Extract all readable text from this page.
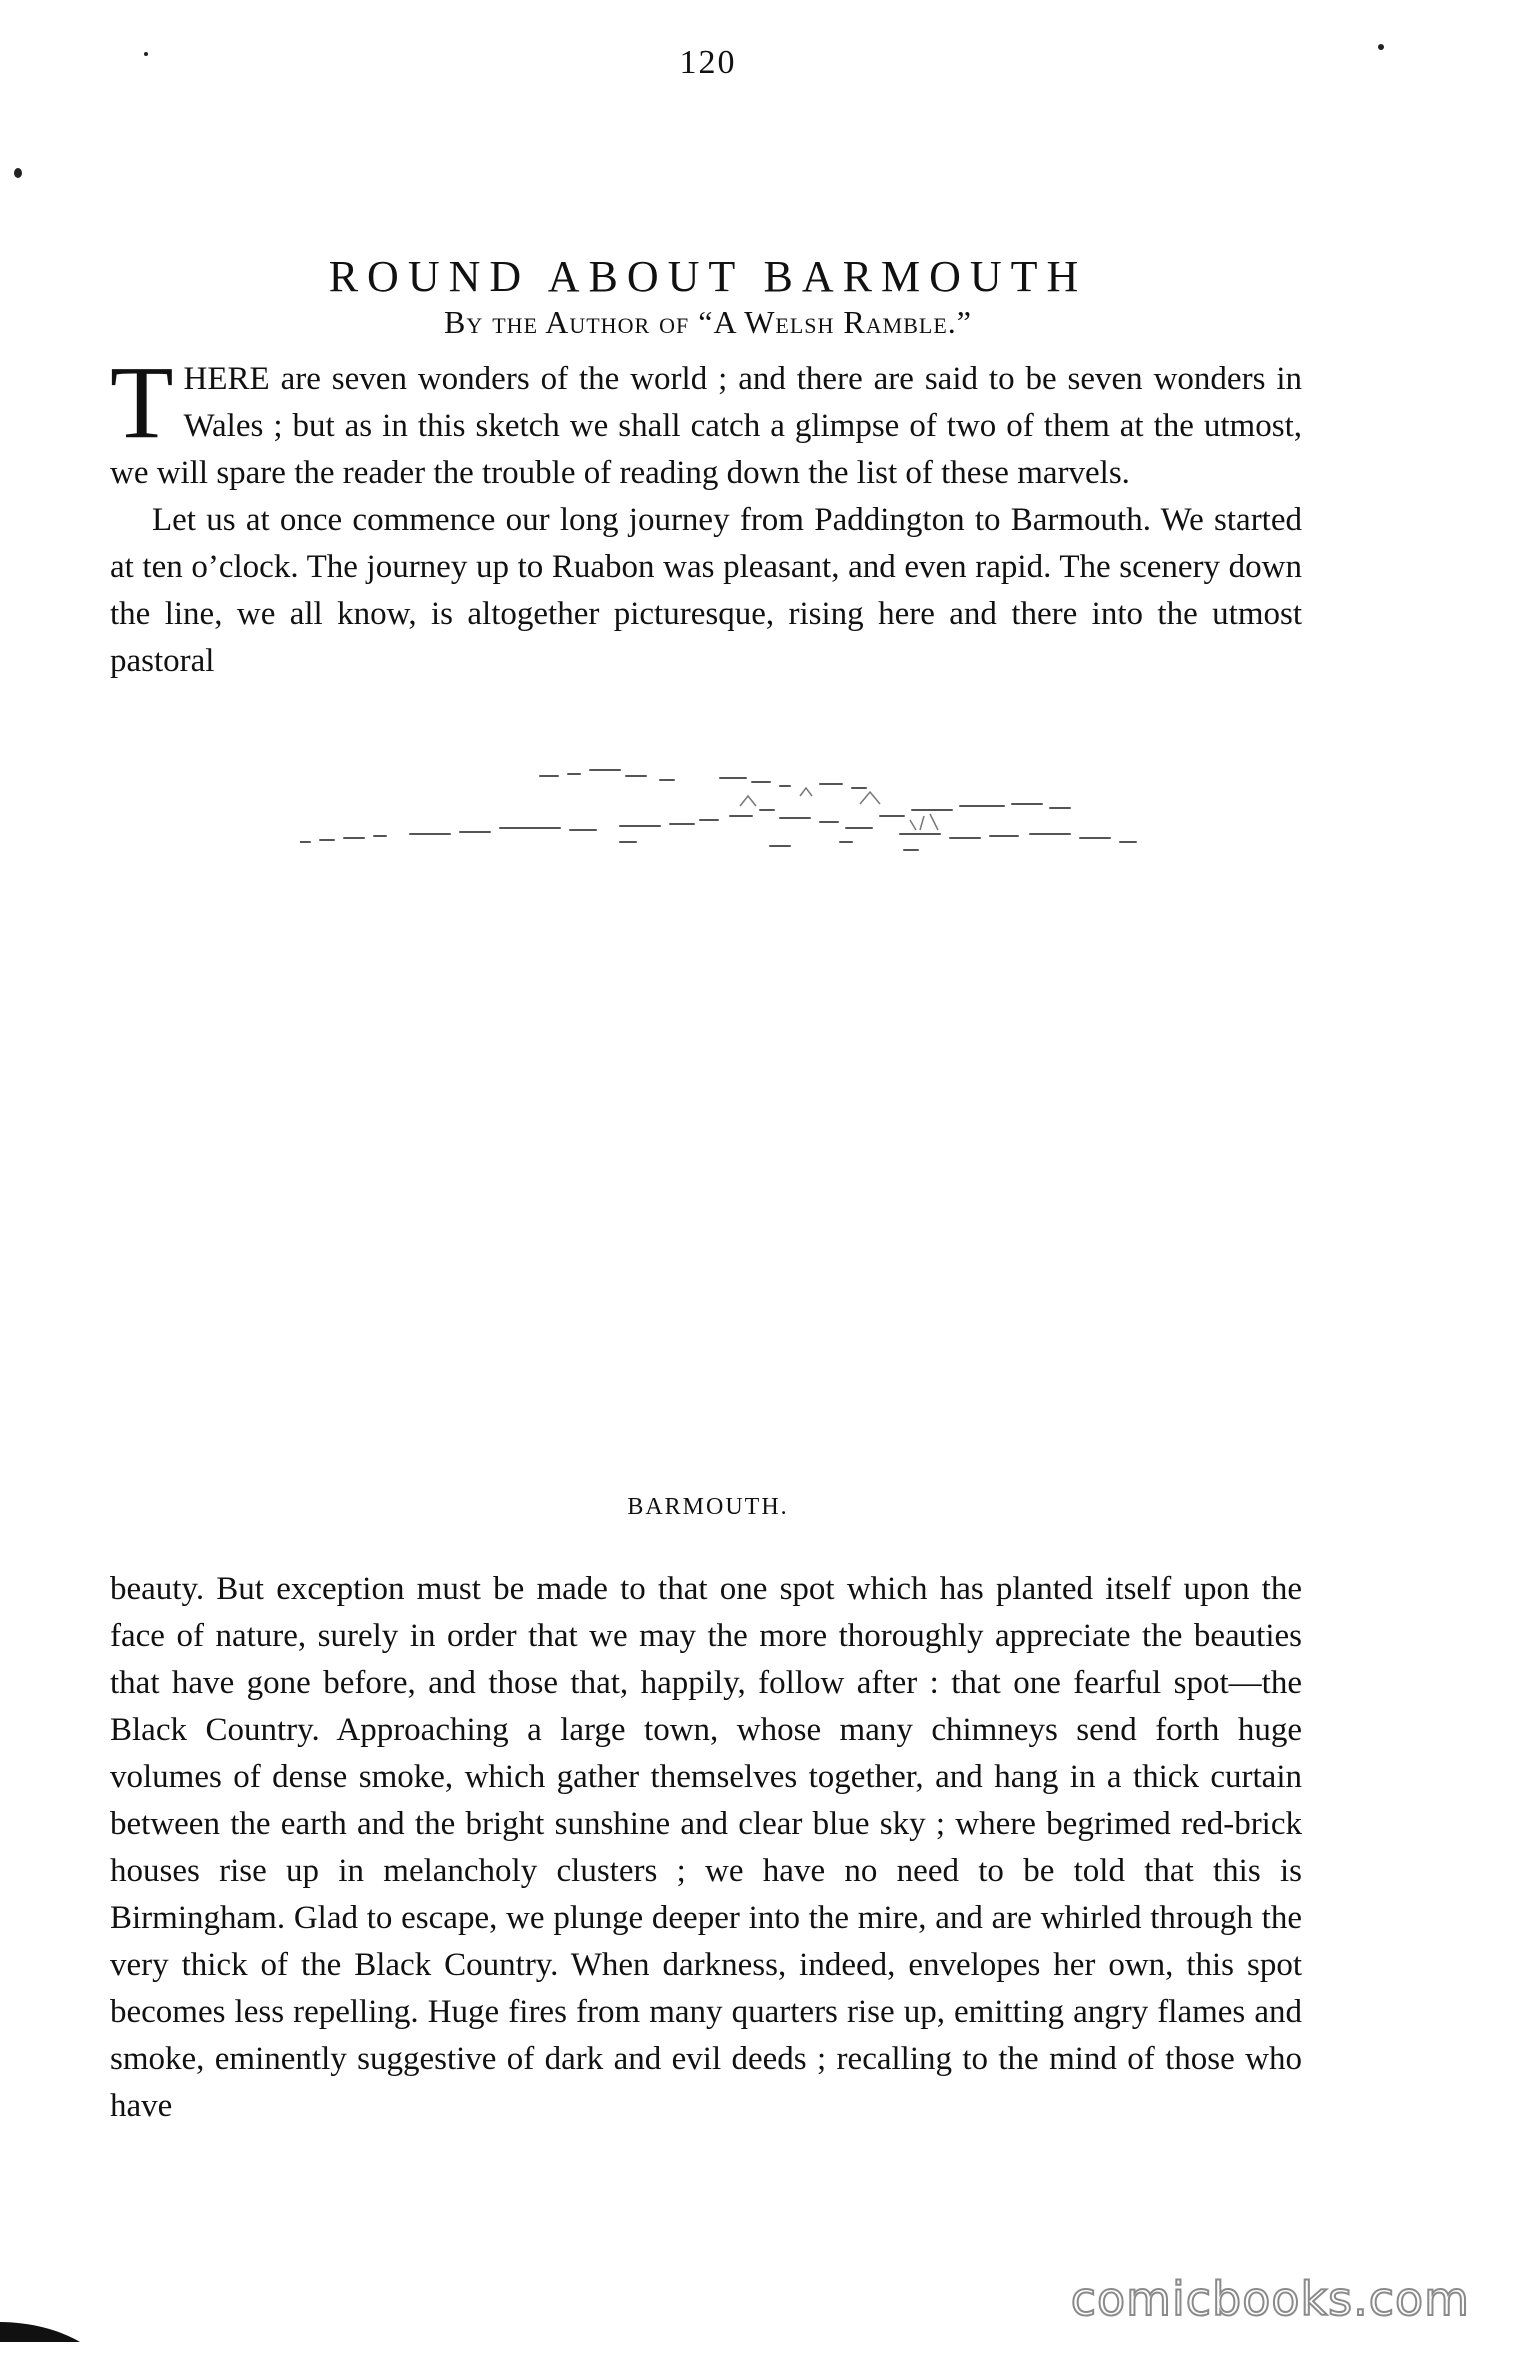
120
ROUND ABOUT BARMOUTH
By the Author of “A Welsh Ramble.”

THERE are seven wonders of the world ; and there are said to be seven wonders in Wales ; but as in this sketch we shall catch a glimpse of two of them at the utmost, we will spare the reader the trouble of reading down the list of these marvels.

Let us at once commence our long journey from Paddington to Barmouth. We started at ten o’clock. The journey up to Ruabon was pleasant, and even rapid. The scenery down the line, we all know, is altogether picturesque, rising here and there into the utmost pastoral

BARMOUTH.

beauty. But exception must be made to that one spot which has planted itself upon the face of nature, surely in order that we may the more thoroughly appreciate the beauties that have gone before, and those that, happily, follow after : that one fearful spot—the Black Country. Approaching a large town, whose many chimneys send forth huge volumes of dense smoke, which gather themselves together, and hang in a thick curtain between the earth and the bright sunshine and clear blue sky ; where begrimed red-brick houses rise up in melancholy clusters ; we have no need to be told that this is Birmingham. Glad to escape, we plunge deeper into the mire, and are whirled through the very thick of the Black Country. When darkness, indeed, envelopes her own, this spot becomes less repelling. Huge fires from many quarters rise up, emitting angry flames and smoke, eminently suggestive of dark and evil deeds ; recalling to the mind of those who have

comicbooks.com
